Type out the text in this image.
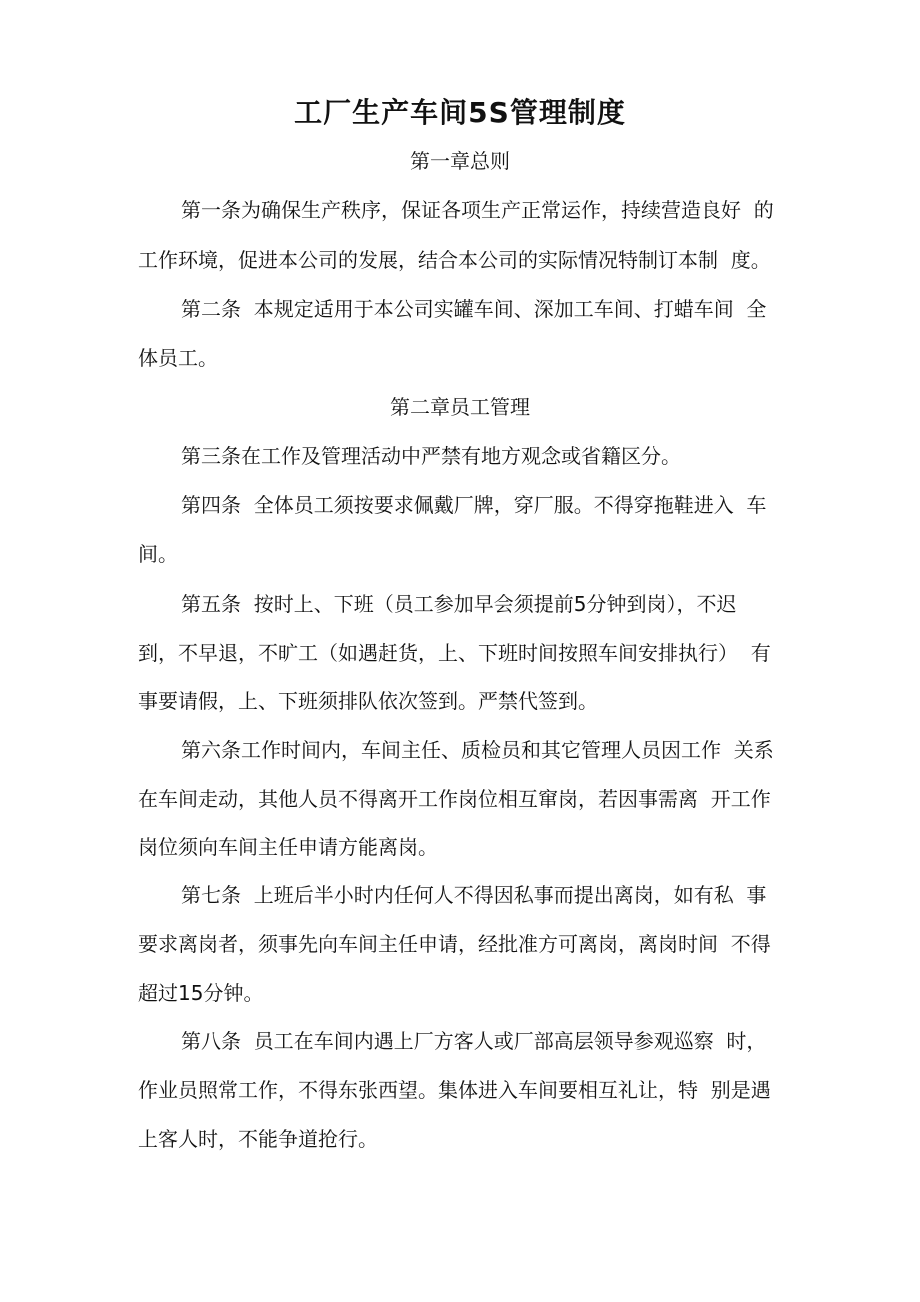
工厂生产车间5S管理制度
第一章总则
第一条为确保生产秩序，保证各项生产正常运作，持续营造良好  的
工作环境，促进本公司的发展，结合本公司的实际情况特制订本制  度。
第二条  本规定适用于本公司实罐车间、深加工车间、打蜡车间  全
体员工。
第二章员工管理
第三条在工作及管理活动中严禁有地方观念或省籍区分。
第四条  全体员工须按要求佩戴厂牌，穿厂服。不得穿拖鞋进入  车
间。
第五条  按时上、下班（员工参加早会须提前5分钟到岗），不迟
到，不早退，不旷工（如遇赶货，上、下班时间按照车间安排执行）  有
事要请假，上、下班须排队依次签到。严禁代签到。
第六条工作时间内，车间主任、质检员和其它管理人员因工作  关系
在车间走动，其他人员不得离开工作岗位相互窜岗，若因事需离  开工作
岗位须向车间主任申请方能离岗。
第七条  上班后半小时内任何人不得因私事而提出离岗，如有私  事
要求离岗者，须事先向车间主任申请，经批准方可离岗，离岗时间  不得
超过15分钟。
第八条  员工在车间内遇上厂方客人或厂部高层领导参观巡察  时，
作业员照常工作，不得东张西望。集体进入车间要相互礼让，特  别是遇
上客人时，不能争道抢行。
